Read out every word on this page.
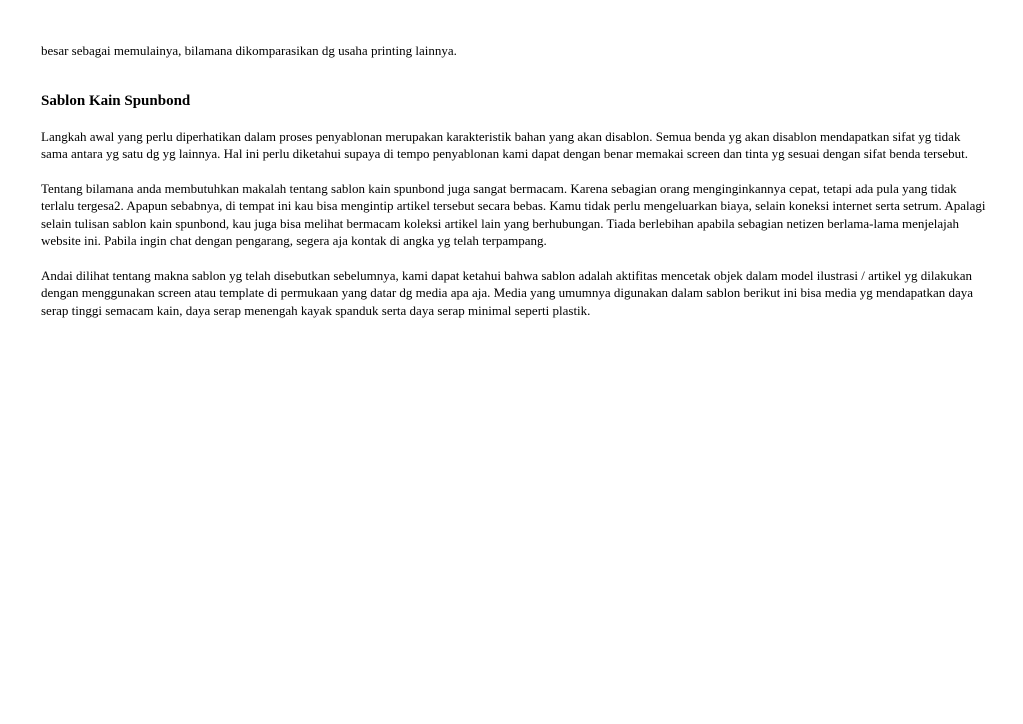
besar sebagai memulainya, bilamana dikomparasikan dg usaha printing lainnya.

Sablon Kain Spunbond

Langkah awal yang perlu diperhatikan dalam proses penyablonan merupakan karakteristik bahan yang akan disablon. Semua benda yg akan disablon mendapatkan sifat yg tidak sama antara yg satu dg yg lainnya. Hal ini perlu diketahui supaya di tempo penyablonan kami dapat dengan benar memakai screen dan tinta yg sesuai dengan sifat benda tersebut.

Tentang bilamana anda membutuhkan makalah tentang sablon kain spunbond juga sangat bermacam. Karena sebagian orang menginginkannya cepat, tetapi ada pula yang tidak terlalu tergesa2. Apapun sebabnya, di tempat ini kau bisa mengintip artikel tersebut secara bebas. Kamu tidak perlu mengeluarkan biaya, selain koneksi internet serta setrum. Apalagi selain tulisan sablon kain spunbond, kau juga bisa melihat bermacam koleksi artikel lain yang berhubungan. Tiada berlebihan apabila sebagian netizen berlama-lama menjelajah website ini. Pabila ingin chat dengan pengarang, segera aja kontak di angka yg telah terpampang.

Andai dilihat tentang makna sablon yg telah disebutkan sebelumnya, kami dapat ketahui bahwa sablon adalah aktifitas mencetak objek dalam model ilustrasi / artikel yg dilakukan dengan menggunakan screen atau template di permukaan yang datar dg media apa aja. Media yang umumnya digunakan dalam sablon berikut ini bisa media yg mendapatkan daya serap tinggi semacam kain, daya serap menengah kayak spanduk serta daya serap minimal seperti plastik.
